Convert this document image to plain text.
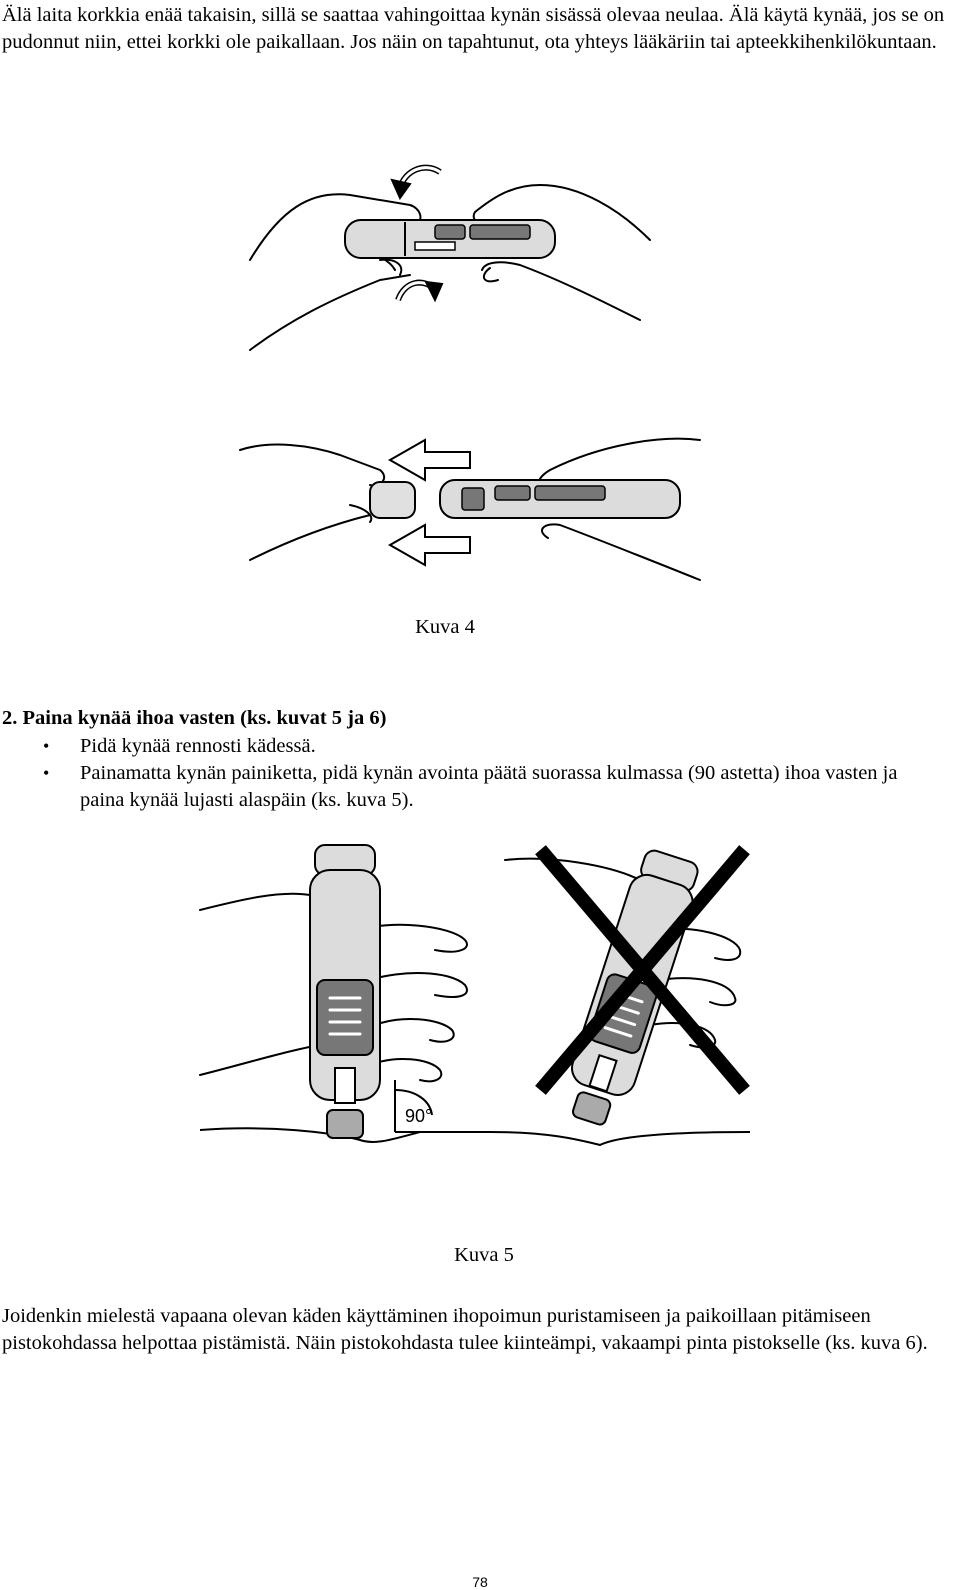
Älä laita korkkia enää takaisin, sillä se saattaa vahingoittaa kynän sisässä olevaa neulaa. Älä käytä kynää, jos se on pudonnut niin, ettei korkki ole paikallaan. Jos näin on tapahtunut, ota yhteys lääkäriin tai apteekkihenkilökuntaan.

Kuva 4

2. Paina kynää ihoa vasten (ks. kuvat 5 ja 6)

• Pidä kynää rennosti kädessä.
• Painamatta kynän painiketta, pidä kynän avointa päätä suorassa kulmassa (90 astetta) ihoa vasten ja paina kynää lujasti alaspäin (ks. kuva 5).
90°

Kuva 5

Joidenkin mielestä vapaana olevan käden käyttäminen ihopoimun puristamiseen ja paikoillaan pitämiseen pistokohdassa helpottaa pistämistä. Näin pistokohdasta tulee kiinteämpi, vakaampi pinta pistokselle (ks. kuva 6).

78
